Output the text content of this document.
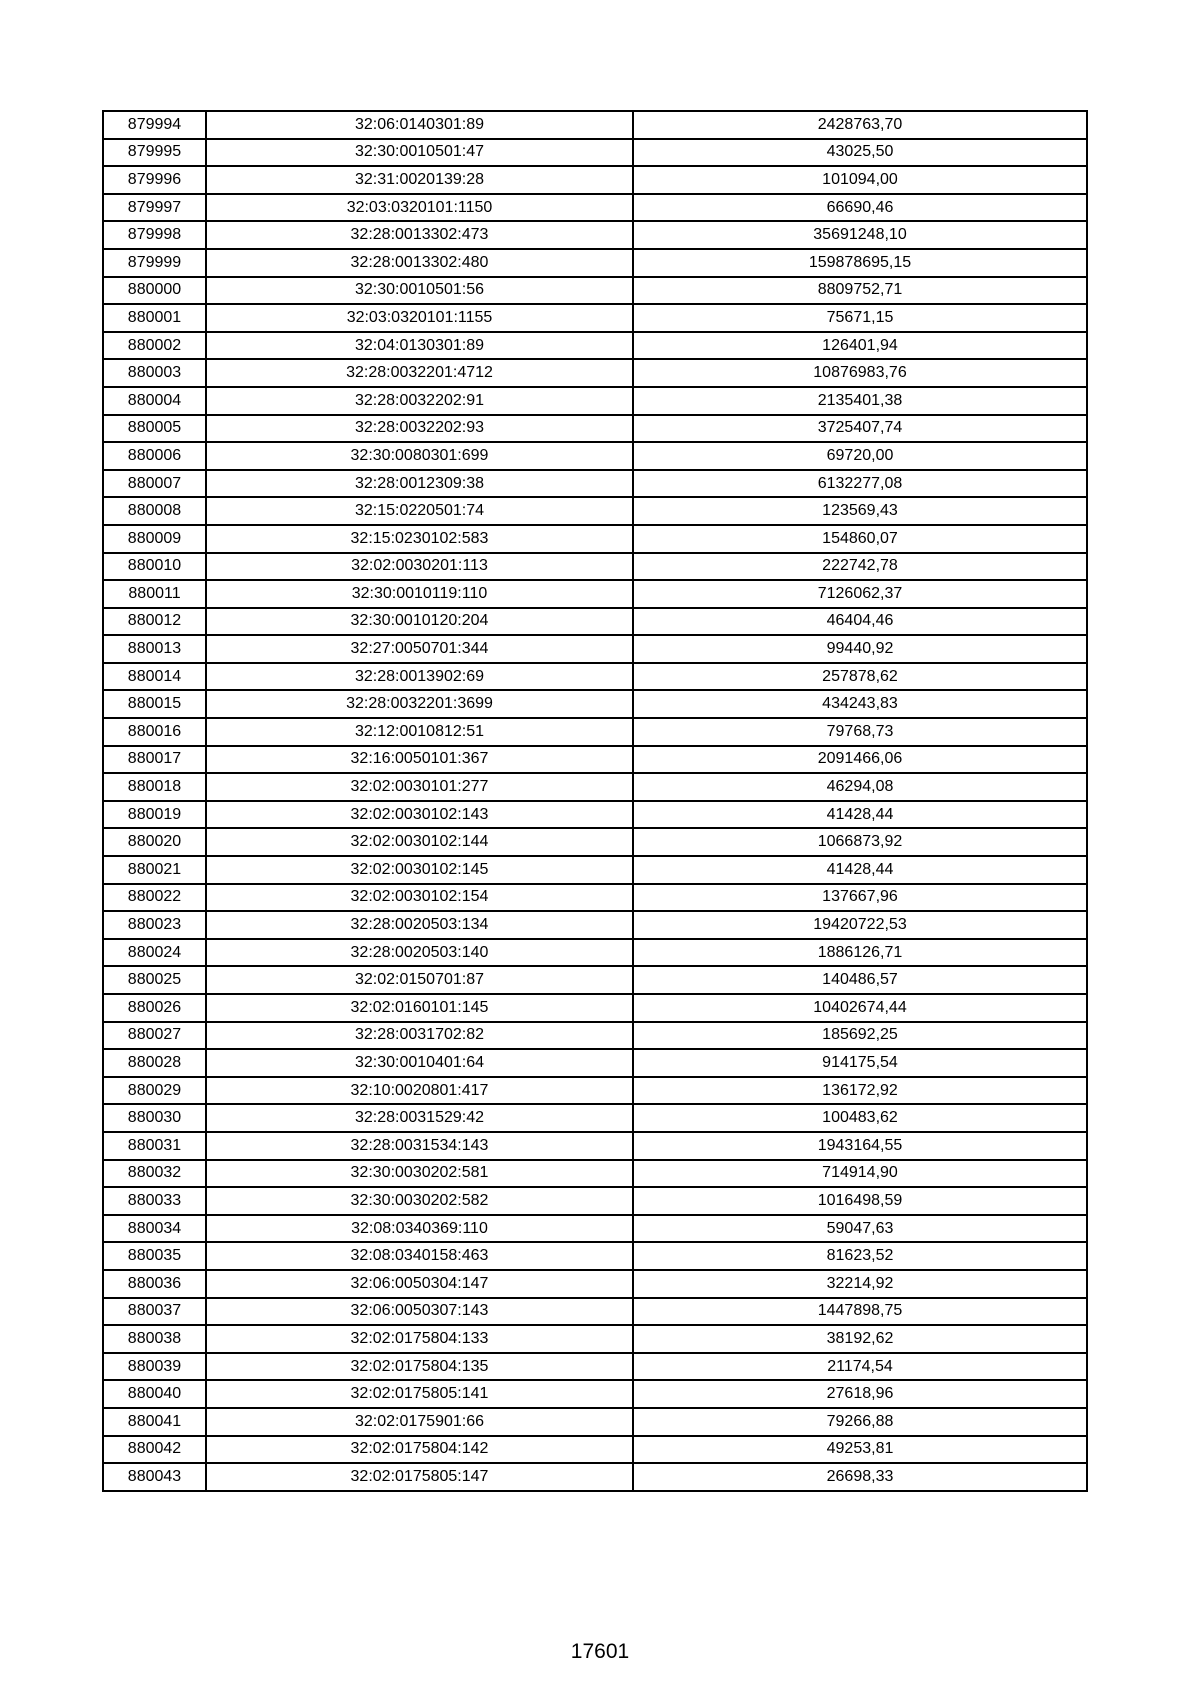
879994	32:06:0140301:89	2428763,70
879995	32:30:0010501:47	43025,50
879996	32:31:0020139:28	101094,00
879997	32:03:0320101:1150	66690,46
879998	32:28:0013302:473	35691248,10
879999	32:28:0013302:480	159878695,15
880000	32:30:0010501:56	8809752,71
880001	32:03:0320101:1155	75671,15
880002	32:04:0130301:89	126401,94
880003	32:28:0032201:4712	10876983,76
880004	32:28:0032202:91	2135401,38
880005	32:28:0032202:93	3725407,74
880006	32:30:0080301:699	69720,00
880007	32:28:0012309:38	6132277,08
880008	32:15:0220501:74	123569,43
880009	32:15:0230102:583	154860,07
880010	32:02:0030201:113	222742,78
880011	32:30:0010119:110	7126062,37
880012	32:30:0010120:204	46404,46
880013	32:27:0050701:344	99440,92
880014	32:28:0013902:69	257878,62
880015	32:28:0032201:3699	434243,83
880016	32:12:0010812:51	79768,73
880017	32:16:0050101:367	2091466,06
880018	32:02:0030101:277	46294,08
880019	32:02:0030102:143	41428,44
880020	32:02:0030102:144	1066873,92
880021	32:02:0030102:145	41428,44
880022	32:02:0030102:154	137667,96
880023	32:28:0020503:134	19420722,53
880024	32:28:0020503:140	1886126,71
880025	32:02:0150701:87	140486,57
880026	32:02:0160101:145	10402674,44
880027	32:28:0031702:82	185692,25
880028	32:30:0010401:64	914175,54
880029	32:10:0020801:417	136172,92
880030	32:28:0031529:42	100483,62
880031	32:28:0031534:143	1943164,55
880032	32:30:0030202:581	714914,90
880033	32:30:0030202:582	1016498,59
880034	32:08:0340369:110	59047,63
880035	32:08:0340158:463	81623,52
880036	32:06:0050304:147	32214,92
880037	32:06:0050307:143	1447898,75
880038	32:02:0175804:133	38192,62
880039	32:02:0175804:135	21174,54
880040	32:02:0175805:141	27618,96
880041	32:02:0175901:66	79266,88
880042	32:02:0175804:142	49253,81
880043	32:02:0175805:147	26698,33
17601
